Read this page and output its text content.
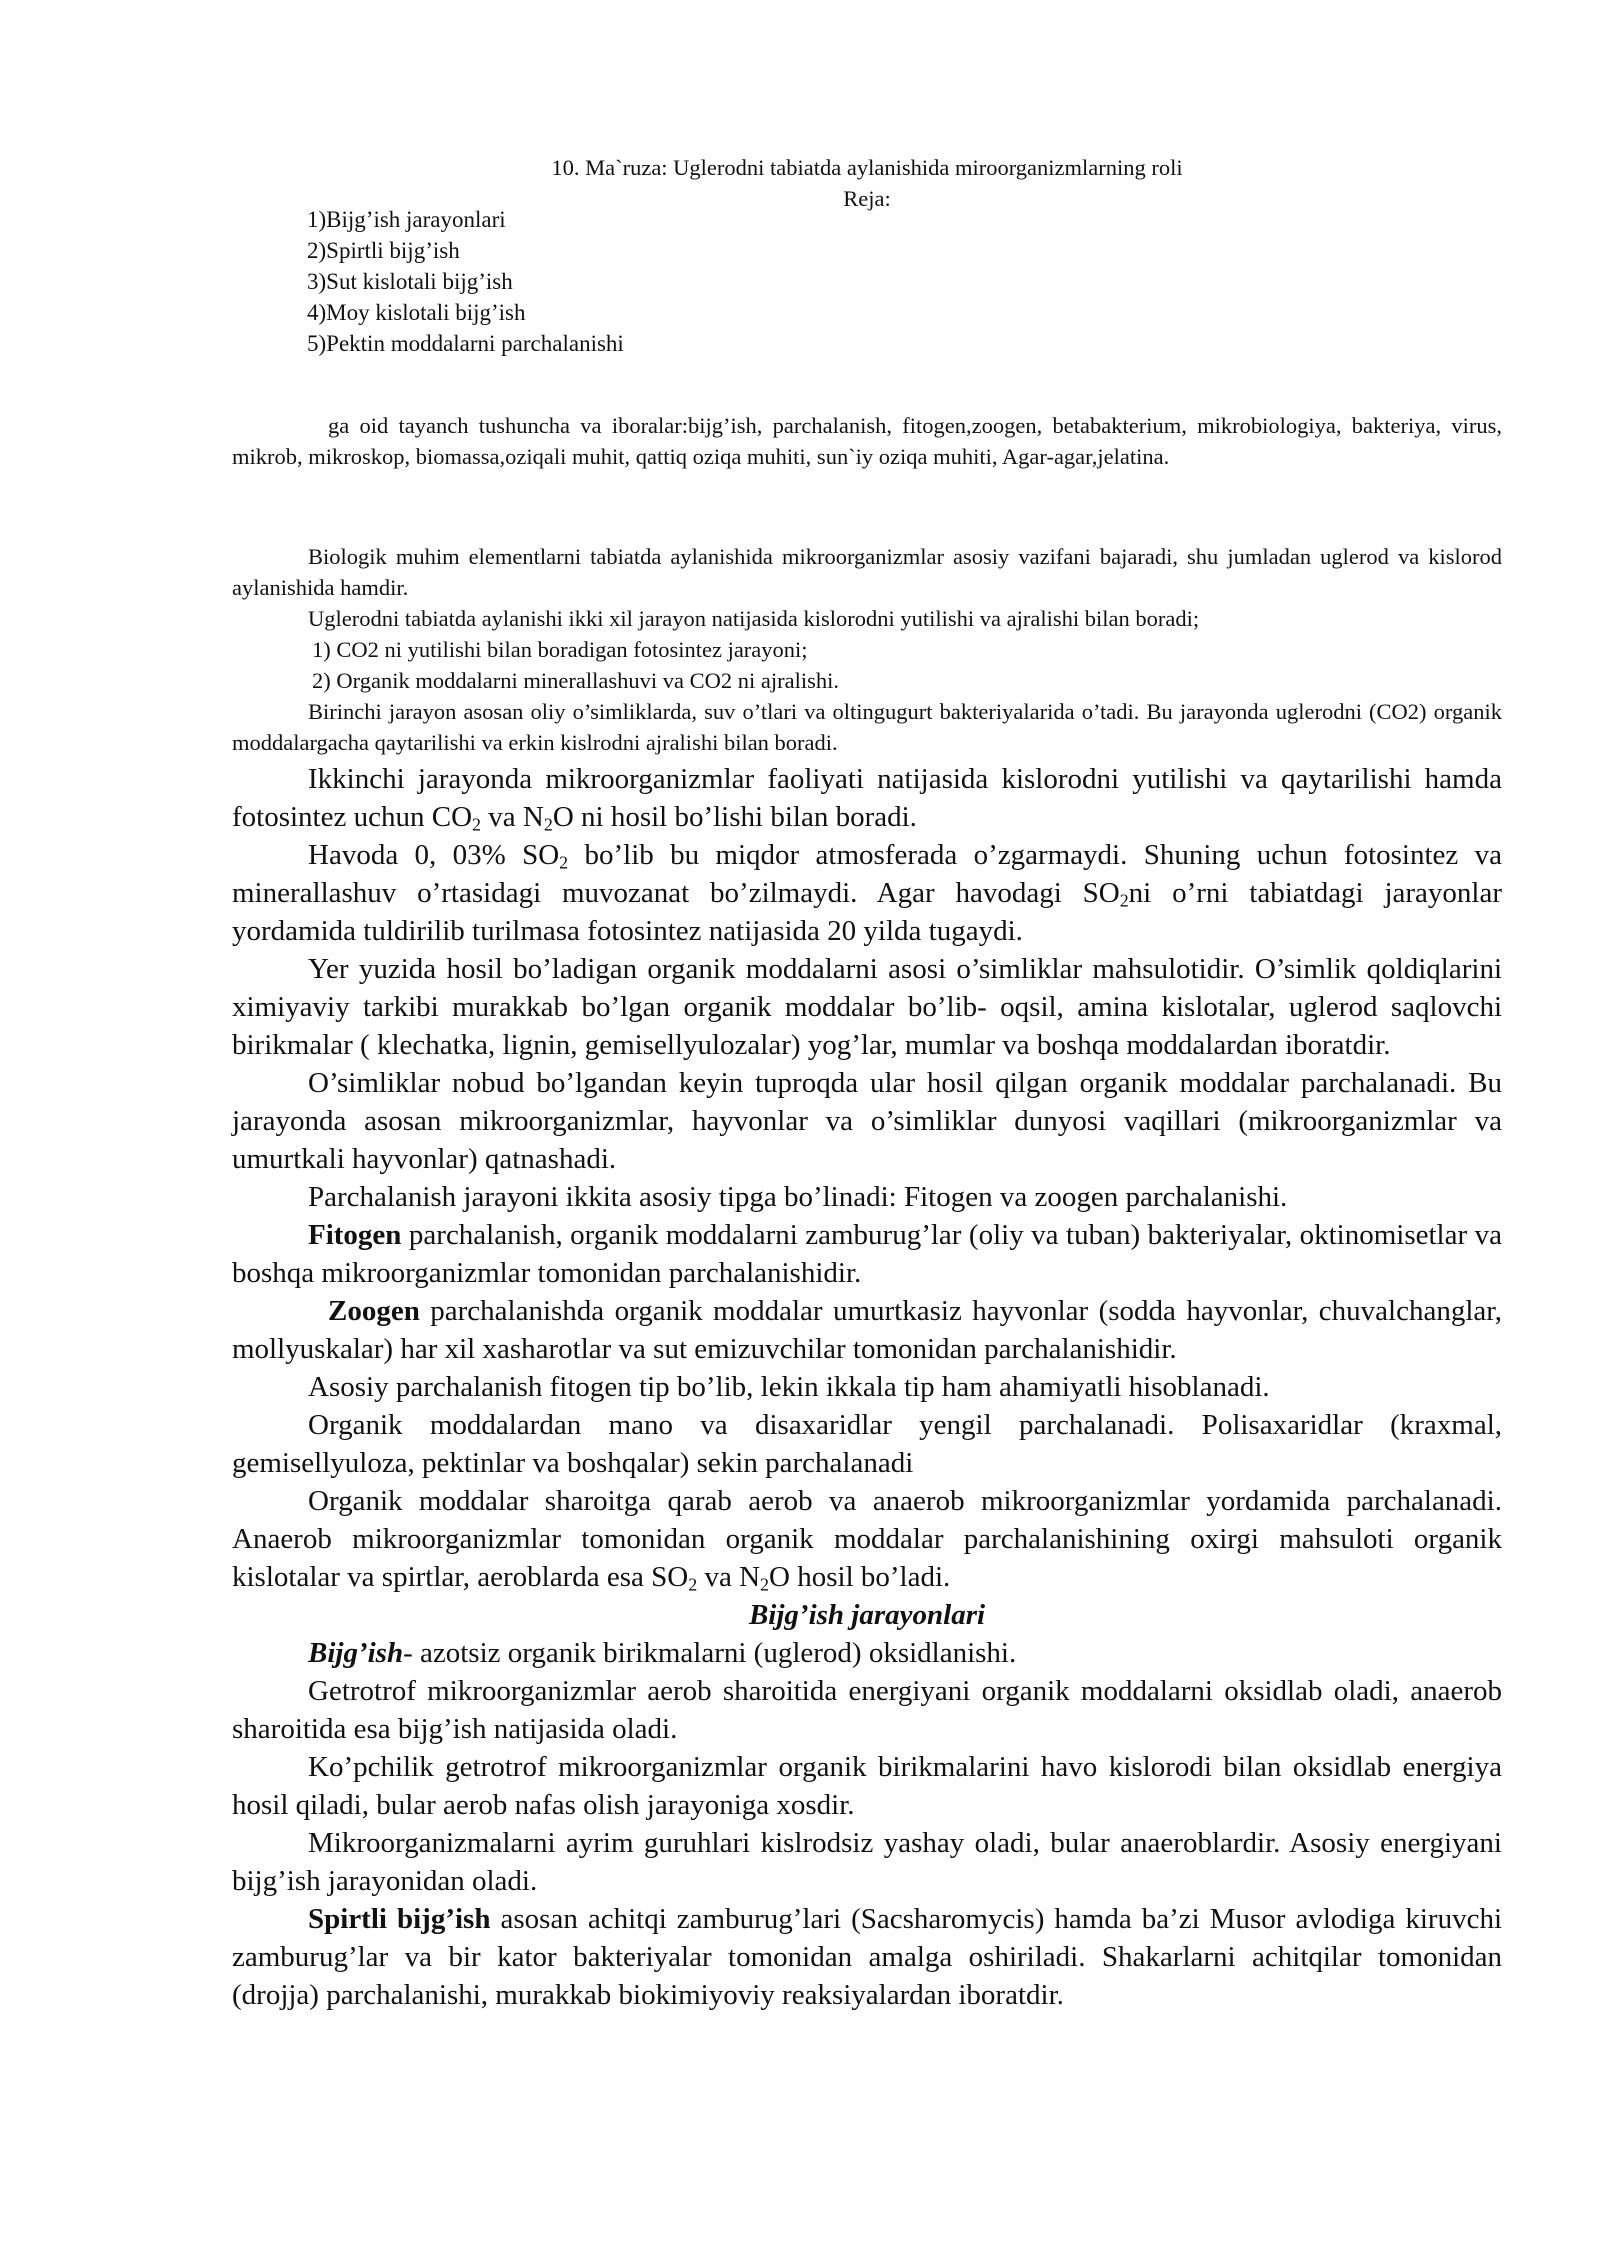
10. Ma`ruza: Uglerodni tabiatda aylanishida miroorganizmlarning roli
Reja:
1)Bijg’ish jarayonlari
2)Spirtli bijg’ish
3)Sut kislotali bijg’ish
4)Moy kislotali bijg’ish
5)Pektin moddalarni parchalanishi

ga oid tayanch tushuncha va iboralar:bijg’ish, parchalanish, fitogen,zoogen, betabakterium, mikrobiologiya, bakteriya, virus, mikrob, mikroskop, biomassa,oziqali muhit, qattiq oziqa muhiti, sun`iy oziqa muhiti, Agar-agar,jelatina.

Biologik muhim elementlarni tabiatda aylanishida mikroorganizmlar asosiy vazifani bajaradi, shu jumladan uglerod va kislorod aylanishida hamdir.

Uglerodni tabiatda aylanishi ikki xil jarayon natijasida kislorodni yutilishi va ajralishi bilan boradi;

1) CO2 ni yutilishi bilan boradigan fotosintez jarayoni;

2) Organik moddalarni minerallashuvi va CO2 ni ajralishi.

Birinchi jarayon asosan oliy o’simliklarda, suv o’tlari va oltingugurt bakteriyalarida o’tadi. Bu jarayonda uglerodni (CO2) organik moddalargacha qaytarilishi va erkin kislrodni ajralishi bilan boradi.

Ikkinchi jarayonda mikroorganizmlar faoliyati natijasida kislorodni yutilishi va qaytarilishi hamda fotosintez uchun $CO_2$ va $N_2O$ ni hosil bo’lishi bilan boradi.

Havoda 0, 03% $SO_2$ bo’lib bu miqdor atmosferada o’zgarmaydi. Shuning uchun fotosintez va minerallashuv o’rtasidagi muvozanat bo’zilmaydi. Agar havodagi $SO_2ni$ o’rni tabiatdagi jarayonlar yordamida tuldirilib turilmasa fotosintez natijasida 20 yilda tugaydi.

Yer yuzida hosil bo’ladigan organik moddalarni asosi o’simliklar mahsulotidir. O’simlik qoldiqlarini ximiyaviy tarkibi murakkab bo’lgan organik moddalar bo’lib- oqsil, amina kislotalar, uglerod saqlovchi birikmalar ( klechatka, lignin, gemisellyulozalar) yog’lar, mumlar va boshqa moddalardan iboratdir.

O’simliklar nobud bo’lgandan keyin tuproqda ular hosil qilgan organik moddalar parchalanadi. Bu jarayonda asosan mikroorganizmlar, hayvonlar va o’simliklar dunyosi vaqillari (mikroorganizmlar va umurtkali hayvonlar) qatnashadi.

Parchalanish jarayoni ikkita asosiy tipga bo’linadi: Fitogen va zoogen parchalanishi.

Fitogen parchalanish, organik moddalarni zamburug’lar (oliy va tuban) bakteriyalar, oktinomisetlar va boshqa mikroorganizmlar tomonidan parchalanishidir.

Zoogen parchalanishda organik moddalar umurtkasiz hayvonlar (sodda hayvonlar, chuvalchanglar, mollyuskalar) har xil xasharotlar va sut emizuvchilar tomonidan parchalanishidir.

Asosiy parchalanish fitogen tip bo’lib, lekin ikkala tip ham ahamiyatli hisoblanadi.

Organik moddalardan mano va disaxaridlar yengil parchalanadi. Polisaxaridlar (kraxmal, gemisellyuloza, pektinlar va boshqalar) sekin parchalanadi

Organik moddalar sharoitga qarab aerob va anaerob mikroorganizmlar yordamida parchalanadi. Anaerob mikroorganizmlar tomonidan organik moddalar parchalanishining oxirgi mahsuloti organik kislotalar va spirtlar, aeroblarda esa $SO_2$ va $N_2O$ hosil bo’ladi.

Bijg’ish jarayonlari

Bijg’ish- azotsiz organik birikmalarni (uglerod) oksidlanishi.

Getrotrof mikroorganizmlar aerob sharoitida energiyani organik moddalarni oksidlab oladi, anaerob sharoitida esa bijg’ish natijasida oladi.

Ko’pchilik getrotrof mikroorganizmlar organik birikmalarini havo kislorodi bilan oksidlab energiya hosil qiladi, bular aerob nafas olish jarayoniga xosdir.

Mikroorganizmalarni ayrim guruhlari kislrodsiz yashay oladi, bular anaeroblardir. Asosiy energiyani bijg’ish jarayonidan oladi.

Spirtli bijg’ish asosan achitqi zamburug’lari (Sacsharomycis) hamda ba’zi Musor avlodiga kiruvchi zamburug’lar va bir kator bakteriyalar tomonidan amalga oshiriladi. Shakarlarni achitqilar tomonidan (drojja) parchalanishi, murakkab biokimiyoviy reaksiyalardan iboratdir.
